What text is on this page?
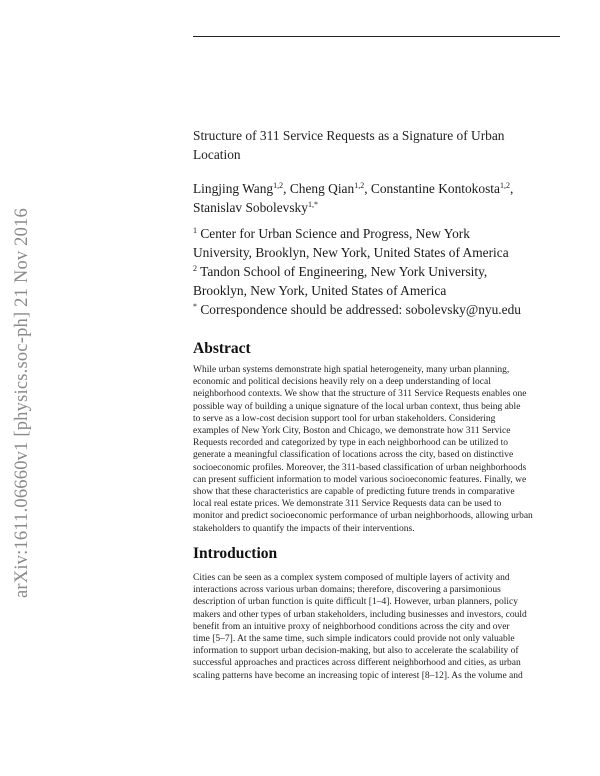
arXiv:1611.06660v1 [physics.soc-ph] 21 Nov 2016
Structure of 311 Service Requests as a Signature of Urban
Location
Lingjing Wang$^{1,2}$, Cheng Qian$^{1,2}$, Constantine Kontokosta$^{1,2}$,
Stanislav Sobolevsky$^{1,*}$
$^1$ Center for Urban Science and Progress, New York
University, Brooklyn, New York, United States of America
$^2$ Tandon School of Engineering, New York University,
Brooklyn, New York, United States of America
* Correspondence should be addressed: sobolevsky@nyu.edu
Abstract
While urban systems demonstrate high spatial heterogeneity, many urban planning,
economic and political decisions heavily rely on a deep understanding of local
neighborhood contexts. We show that the structure of 311 Service Requests enables one
possible way of building a unique signature of the local urban context, thus being able
to serve as a low-cost decision support tool for urban stakeholders. Considering
examples of New York City, Boston and Chicago, we demonstrate how 311 Service
Requests recorded and categorized by type in each neighborhood can be utilized to
generate a meaningful classification of locations across the city, based on distinctive
socioeconomic profiles. Moreover, the 311-based classification of urban neighborhoods
can present sufficient information to model various socioeconomic features. Finally, we
show that these characteristics are capable of predicting future trends in comparative
local real estate prices. We demonstrate 311 Service Requests data can be used to
monitor and predict socioeconomic performance of urban neighborhoods, allowing urban
stakeholders to quantify the impacts of their interventions.
Introduction
Cities can be seen as a complex system composed of multiple layers of activity and
interactions across various urban domains; therefore, discovering a parsimonious
description of urban function is quite difficult [1–4]. However, urban planners, policy
makers and other types of urban stakeholders, including businesses and investors, could
benefit from an intuitive proxy of neighborhood conditions across the city and over
time [5–7]. At the same time, such simple indicators could provide not only valuable
information to support urban decision-making, but also to accelerate the scalability of
successful approaches and practices across different neighborhood and cities, as urban
scaling patterns have become an increasing topic of interest [8–12]. As the volume and
